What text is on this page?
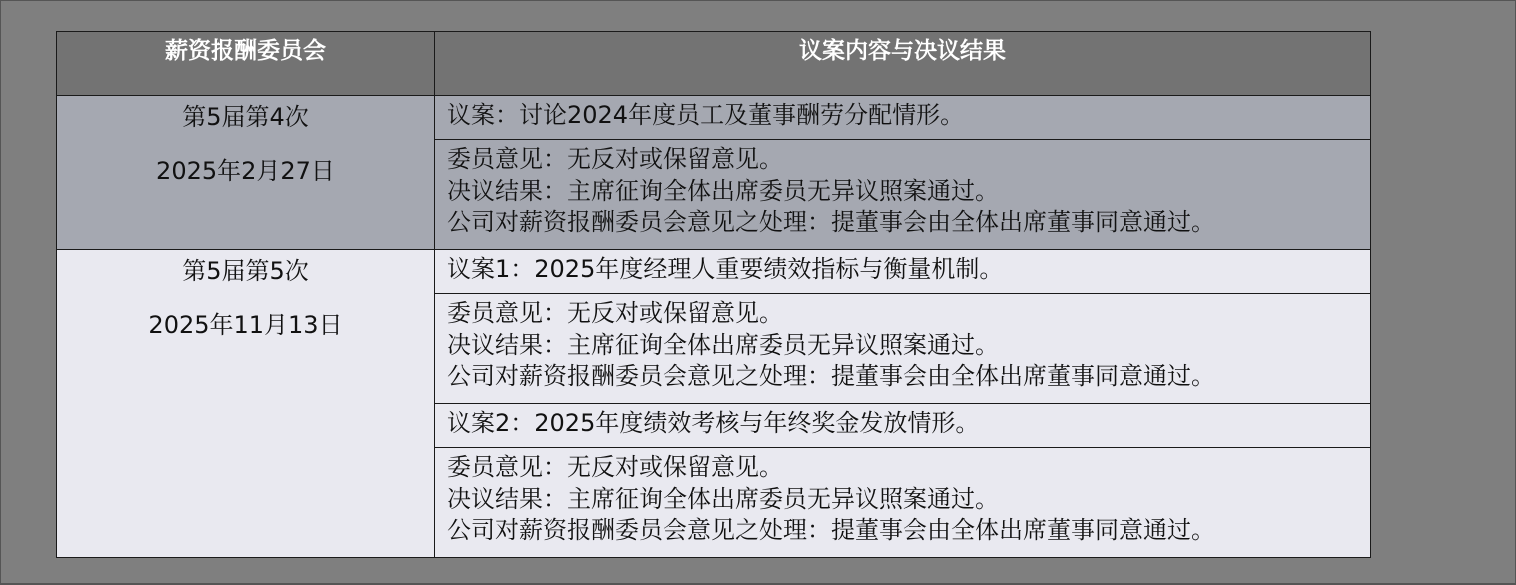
薪资报酬委员会	议案内容与决议结果

第5届第4次
2025年2月27日	议案：讨论2024年度员工及董事酬劳分配情形。

	委员意见：无反对或保留意见。
决议结果：主席征询全体出席委员无异议照案通过。
公司对薪资报酬委员会意见之处理：提董事会由全体出席董事同意通过。

第5届第5次
2025年11月13日	议案1：2025年度经理人重要绩效指标与衡量机制。

	委员意见：无反对或保留意见。
决议结果：主席征询全体出席委员无异议照案通过。
公司对薪资报酬委员会意见之处理：提董事会由全体出席董事同意通过。

	议案2：2025年度绩效考核与年终奖金发放情形。

	委员意见：无反对或保留意见。
决议结果：主席征询全体出席委员无异议照案通过。
公司对薪资报酬委员会意见之处理：提董事会由全体出席董事同意通过。
